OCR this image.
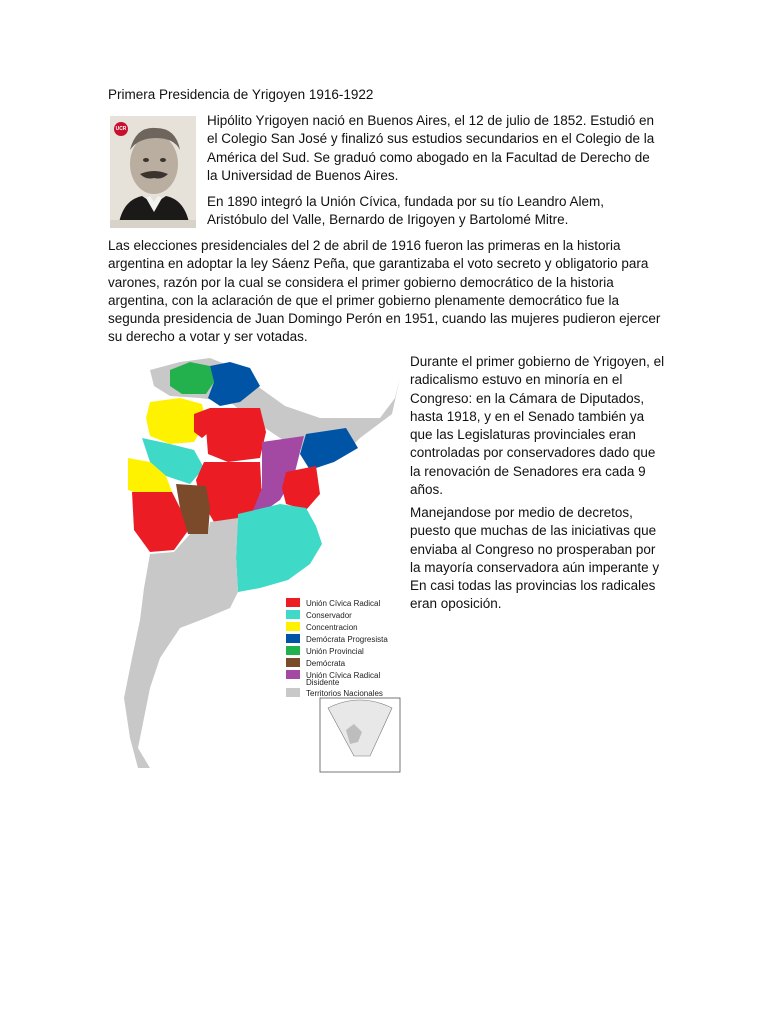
Primera Presidencia de Yrigoyen 1916-1922
UCR

Hipólito Yrigoyen nació en Buenos Aires, el 12 de julio de 1852. Estudió en el Colegio San José y finalizó sus estudios secundarios en el Colegio de la América del Sud. Se graduó como abogado en la Facultad de Derecho de la Universidad de Buenos Aires.

En 1890 integró la Unión Cívica, fundada por su tío Leandro Alem, Aristóbulo del Valle, Bernardo de Irigoyen y Bartolomé Mitre.

Las elecciones presidenciales del 2 de abril de 1916 fueron las primeras en la historia argentina en adoptar la ley Sáenz Peña, que garantizaba el voto secreto y obligatorio para varones, razón por la cual se considera el primer gobierno democrático de la historia argentina, con la aclaración de que el primer gobierno plenamente democrático fue la segunda presidencia de Juan Domingo Perón en 1951, cuando las mujeres pudieron ejercer su derecho a votar y ser votadas.

Unión Cívica Radical
Conservador
Concentracion
Demócrata Progresista
Unión Provincial
Demócrata
Unión Cívica Radical
Disidente
Territorios Nacionales

Durante el primer gobierno de Yrigoyen, el radicalismo estuvo en minoría en el Congreso: en la Cámara de Diputados, hasta 1918, y en el Senado también ya que las Legislaturas provinciales eran controladas por conservadores dado que la renovación de Senadores era cada 9 años.

Manejandose por medio de decretos, puesto que muchas de las iniciativas que enviaba al Congreso no prosperaban por la mayoría conservadora aún imperante y En casi todas las provincias los radicales eran oposición.
